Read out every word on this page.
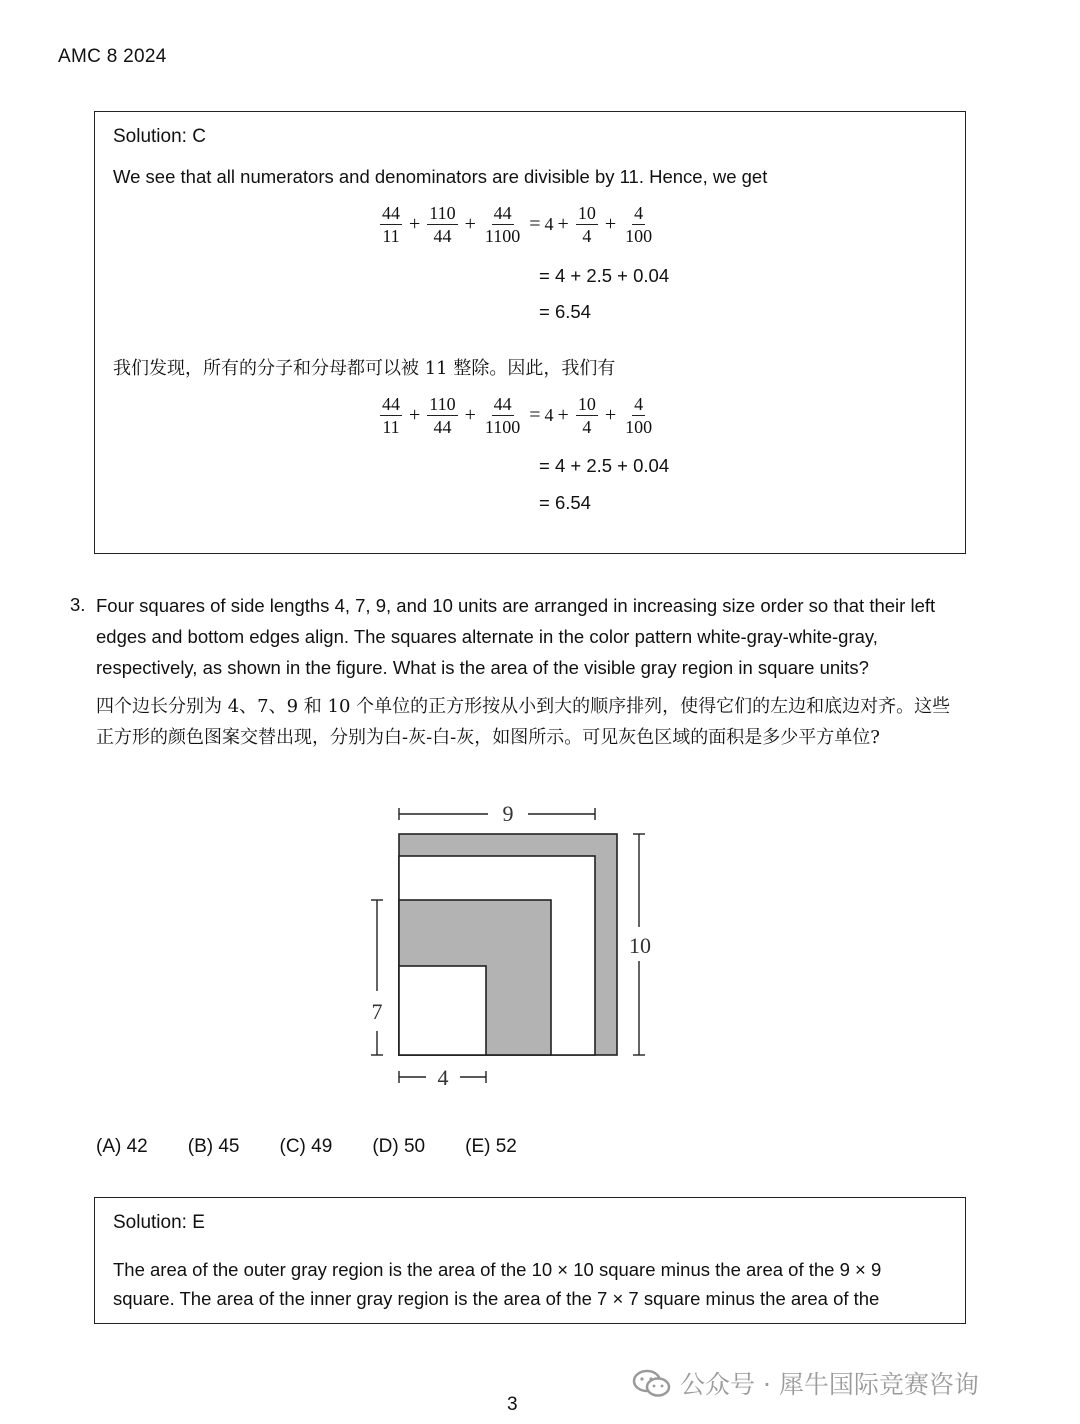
AMC 8 2024
Solution: C
We see that all numerators and denominators are divisible by 11. Hence, we get
$\frac{44}{11} + \frac{110}{44} + \frac{44}{1100} = 4 + \frac{10}{4} + \frac{4}{100}$
= 4 + 2.5 + 0.04
= 6.54
我们发现，所有的分子和分母都可以被 11 整除。因此，我们有
$\frac{44}{11} + \frac{110}{44} + \frac{44}{1100} = 4 + \frac{10}{4} + \frac{4}{100}$
= 4 + 2.5 + 0.04
= 6.54
3. Four squares of side lengths 4, 7, 9, and 10 units are arranged in increasing size order so that their left edges and bottom edges align. The squares alternate in the color pattern white-gray-white-gray, respectively, as shown in the figure. What is the area of the visible gray region in square units?
四个边长分别为 4、7、9 和 10 个单位的正方形按从小到大的顺序排列，使得它们的左边和底边对齐。这些正方形的颜色图案交替出现，分别为白-灰-白-灰，如图所示。可见灰色区域的面积是多少平方单位?
9
10
7
4
(A) 42 (B) 45 (C) 49 (D) 50 (E) 52
Solution: E
The area of the outer gray region is the area of the 10 × 10 square minus the area of the 9 × 9
square. The area of the inner gray region is the area of the 7 × 7 square minus the area of the
公众号 · 犀牛国际竞赛咨询
3
